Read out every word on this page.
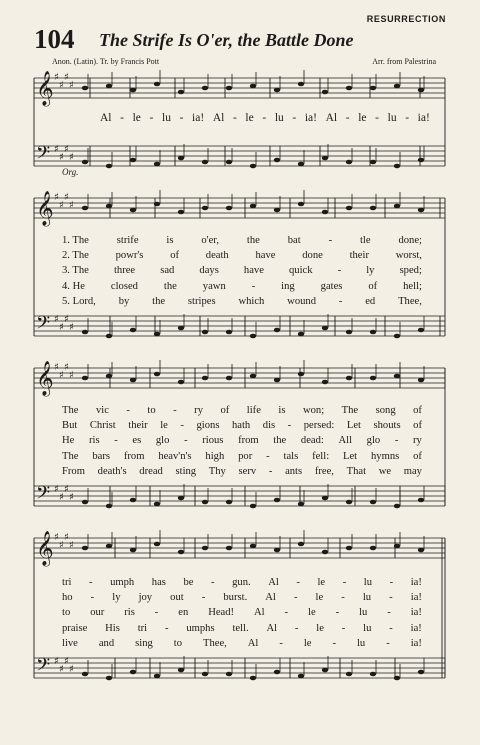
RESURRECTION
104 The Strife Is O'er, the Battle Done
Anon. (Latin). Tr. by Francis Pott	Arr. from Palestrina
Org.
𝄞
𝄢
♯
♯
♯
♯
♯
♯
♯
♯
𝄞
𝄢
♯
♯
♯
♯
♯
♯
♯
♯
𝄞
𝄢
♯
♯
♯
♯
♯
♯
♯
♯
𝄞
𝄢
♯
♯
♯
♯
♯
♯
♯
♯
Al - le - lu - ia! Al - le - lu - ia! Al - le - lu - ia!
1. The	strife	is	o'er,	the	bat	-	tle	done;
2. The	powr's	of	death	have	done	their	worst,
3. The three sad days have quick - ly sped;
4. He closed the yawn - ing gates of hell;
5. Lord, by the stripes which wound - ed Thee,
The vic - to - ry of life is won; The song of
But Christ their le - gions hath dis - persed: Let shouts of
He ris - es glo - rious from the dead: All glo - ry
The bars from heav'n's high por - tals fell: Let hymns of
From death's dread sting Thy serv - ants free, That we may
tri - umph has be - gun. Al - le - lu - ia!
ho - ly joy out - burst. Al - le - lu - ia!
to our ris - en Head! Al - le - lu - ia!
praise His tri - umphs tell. Al - le - lu - ia!
live and sing to Thee, Al - le - lu - ia!
